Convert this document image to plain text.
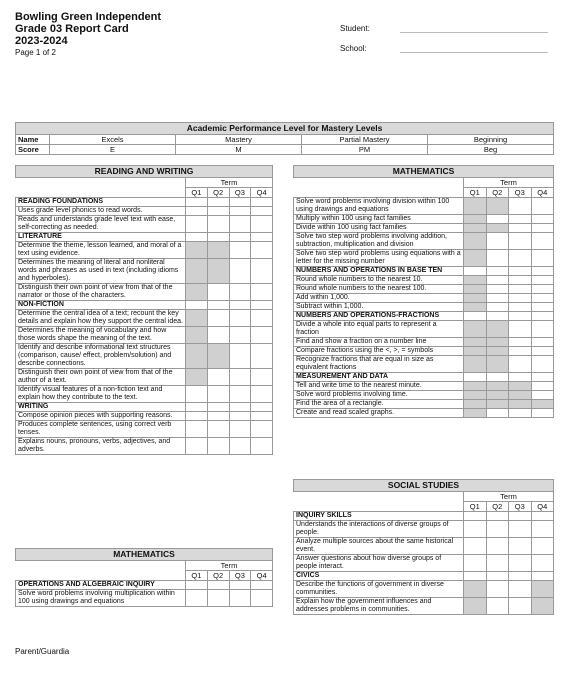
Bowling Green Independent
Grade 03 Report Card
2023-2024
Page 1 of 2
Student:
School:
Academic Performance Level for Mastery Levels				
Name	Excels	Mastery	Partial Mastery	Beginning
Score	E	M	PM	Beg
READING AND WRITING				
	Term			
	Q1	Q2	Q3	Q4
READING FOUNDATIONS				
Uses grade level phonics to read words.				
Reads and understands grade level text with ease, self-correcting as needed.				
LITERATURE				
Determine the theme, lesson learned, and moral of a text using evidence.				
Determines the meaning of literal and nonliteral words and phrases as used in text (including idioms and hyperboles).				
Distinguish their own point of view from that of the narrator or those of the characters.				
NON-FICTION				
Determine the central idea of a text; recount the key details and explain how they support the central idea.				
Determines the meaning of vocabulary and how those words shape the meaning of the text.				
Identify and describe informational text structures (comparison, cause/ effect, problem/solution) and describe connections.				
Distinguish their own point of view from that of the author of a text.				
Identify visual features of a non-fiction text and explain how they contribute to the text.				
WRITING				
Compose opinion pieces with supporting reasons.				
Produces complete sentences, using correct verb tenses.				
Explains nouns, pronouns, verbs, adjectives, and adverbs.				
MATHEMATICS				
	Term			
	Q1	Q2	Q3	Q4
OPERATIONS AND ALGEBRAIC INQUIRY				
Solve word problems involving multiplication within 100 using drawings and equations				
MATHEMATICS				
	Term			
	Q1	Q2	Q3	Q4
Solve word problems involving division within 100 using drawings and equations				
Multiply within 100 using fact families				
Divide within 100 using fact families				
Solve two step word problems involving addition, subtraction, multiplication and division				
Solve two step word problems using equations with a letter for the missing number				
NUMBERS AND OPERATIONS IN BASE TEN				
Round whole numbers to the nearest 10.				
Round whole numbers to the nearest 100.				
Add within 1,000.				
Subtract within 1,000.				
NUMBERS AND OPERATIONS-FRACTIONS				
Divide a whole into equal parts to represent a fraction				
Find and show a fraction on a number line				
Compare fractions using the <, >, = symbols				
Recognize fractions that are equal in size as equivalent fractions				
MEASUREMENT AND DATA				
Tell and write time to the nearest minute.				
Solve word problems involving time.				
Find the area of a rectangle.				
Create and read scaled graphs.				
SOCIAL STUDIES				
	Term			
	Q1	Q2	Q3	Q4
INQUIRY SKILLS				
Understands the interactions of diverse groups of people.				
Analyze multiple sources about the same historical event.				
Answer questions about how diverse groups of people interact.				
CIVICS				
Describe the functions of government in diverse communities.				
Explain how the government influences and addresses problems in communities.				
Parent/Guardia
